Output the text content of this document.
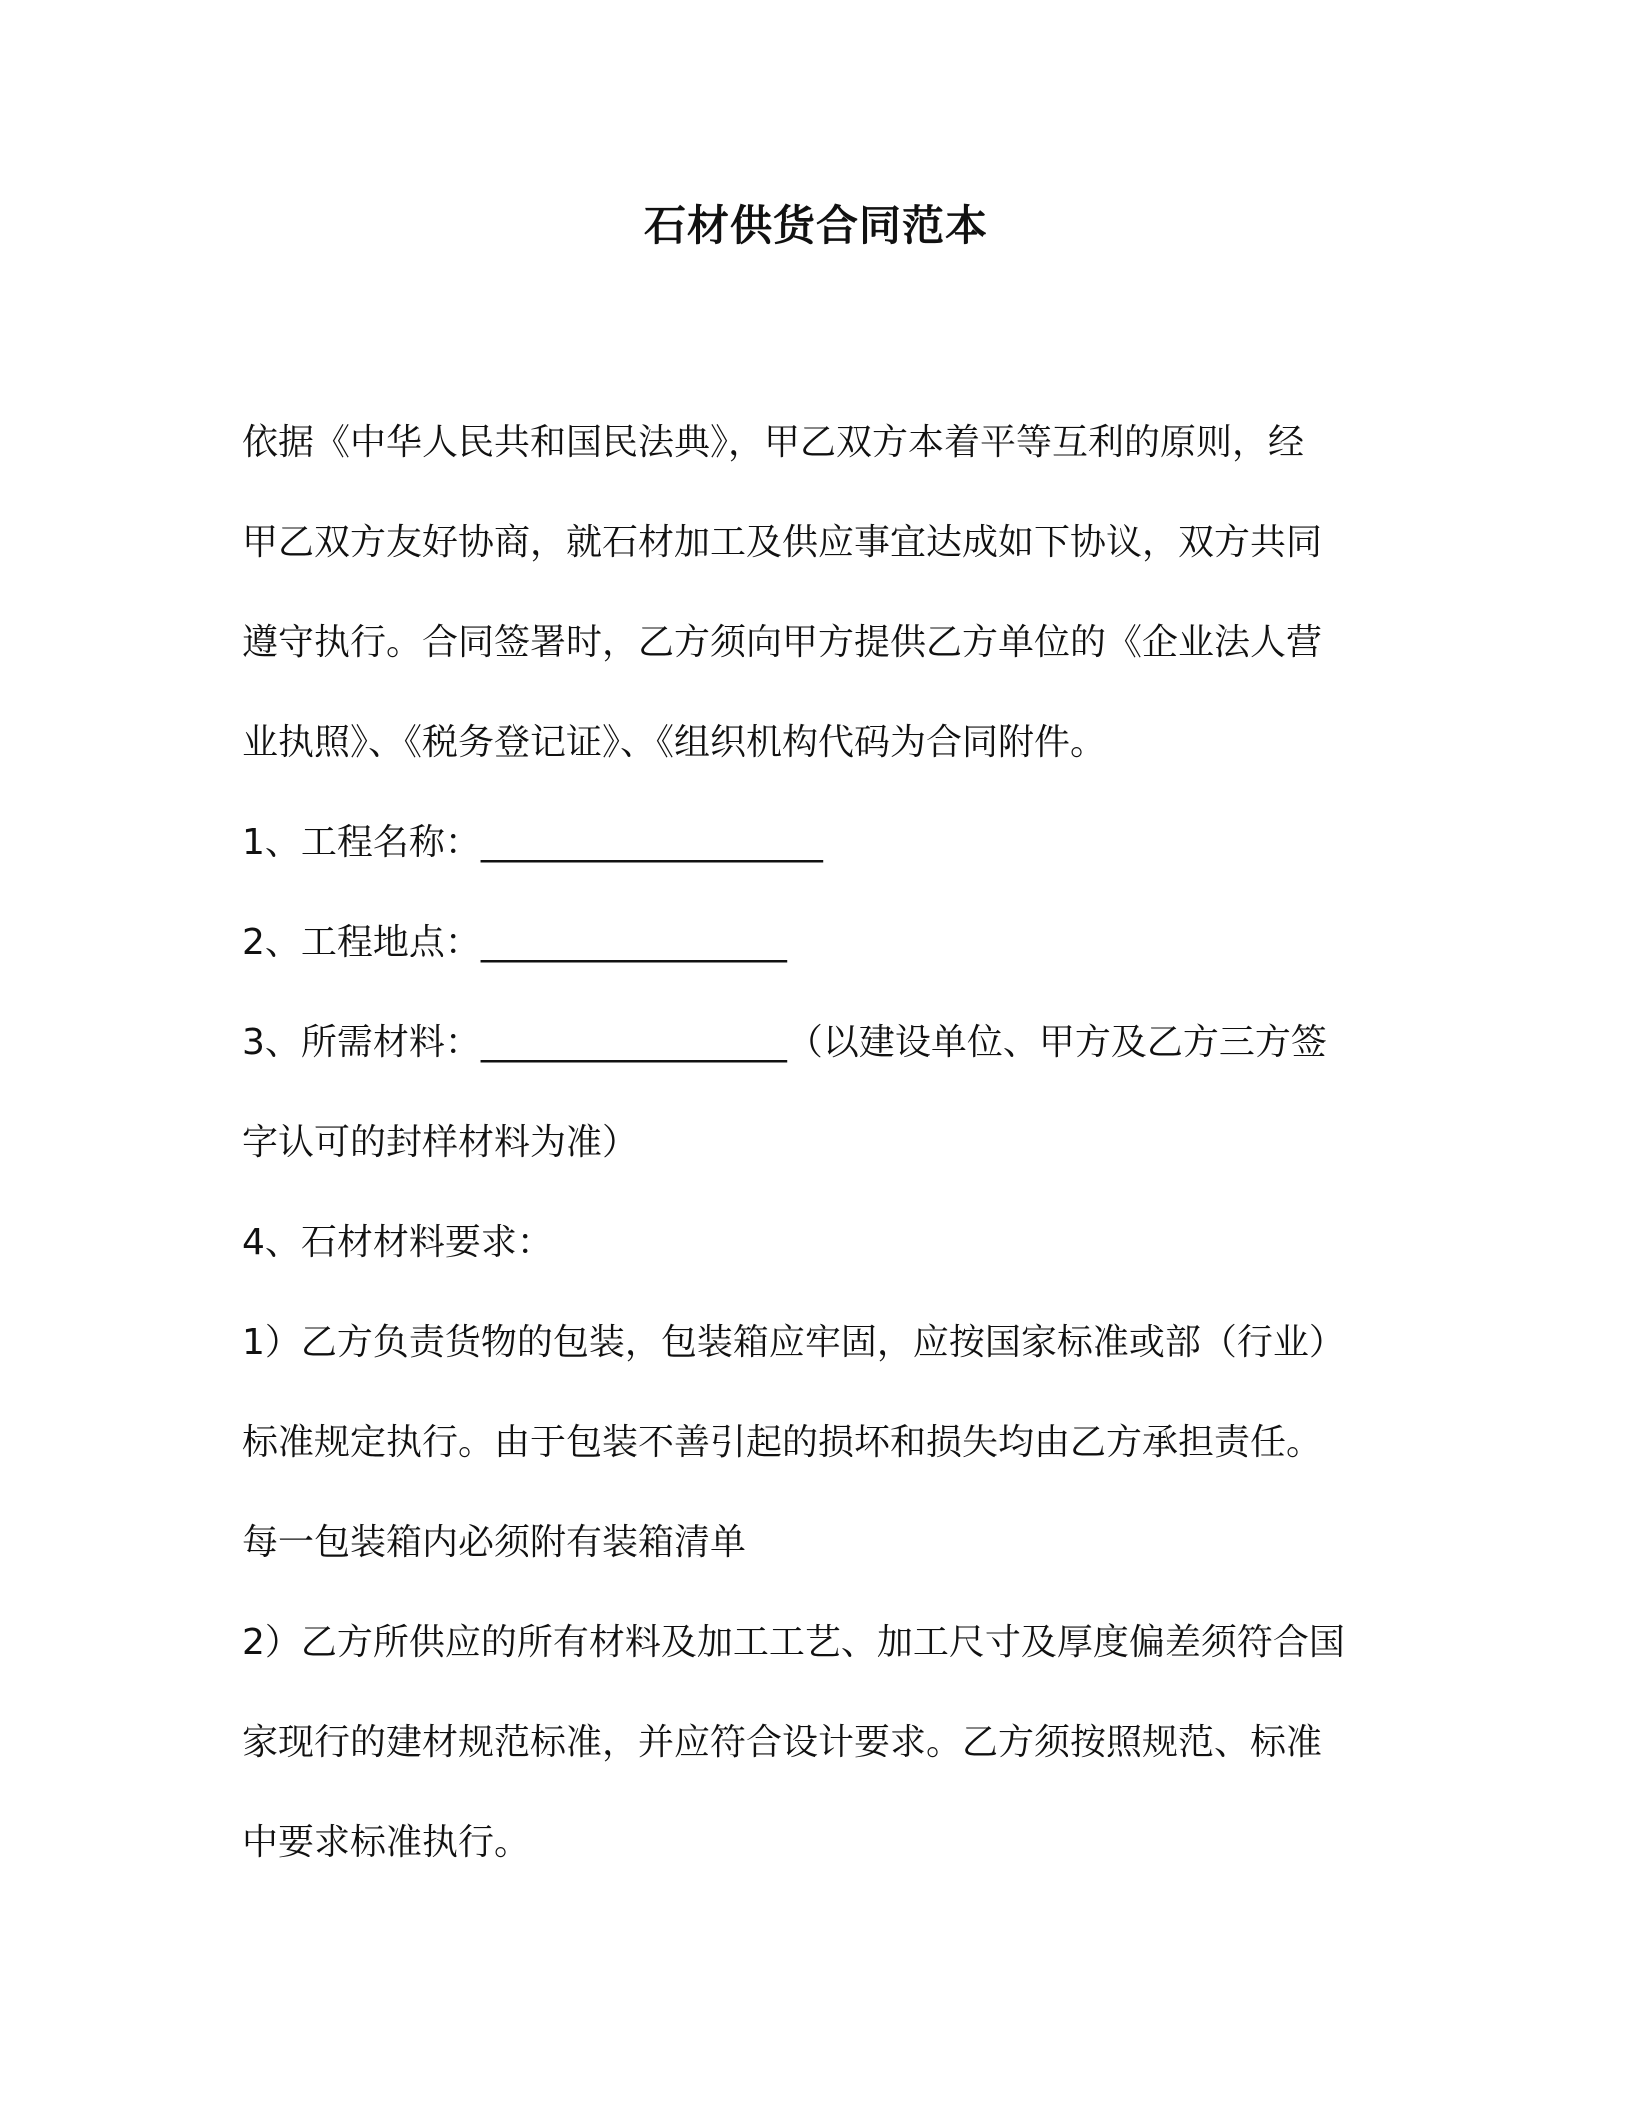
石材供货合同范本

依据《中华人民共和国民法典》，甲乙双方本着平等互利的原则，经

甲乙双方友好协商，就石材加工及供应事宜达成如下协议，双方共同

遵守执行。合同签署时，乙方须向甲方提供乙方单位的《企业法人营

业执照》、《税务登记证》、《组织机构代码为合同附件。

1、工程名称：___________________

2、工程地点：_________________

3、所需材料：_________________（以建设单位、甲方及乙方三方签

字认可的封样材料为准）

4、石材材料要求：

1）乙方负责货物的包装，包装箱应牢固，应按国家标准或部（行业）

标准规定执行。由于包装不善引起的损坏和损失均由乙方承担责任。

每一包装箱内必须附有装箱清单

2）乙方所供应的所有材料及加工工艺、加工尺寸及厚度偏差须符合国

家现行的建材规范标准，并应符合设计要求。乙方须按照规范、标准

中要求标准执行。
